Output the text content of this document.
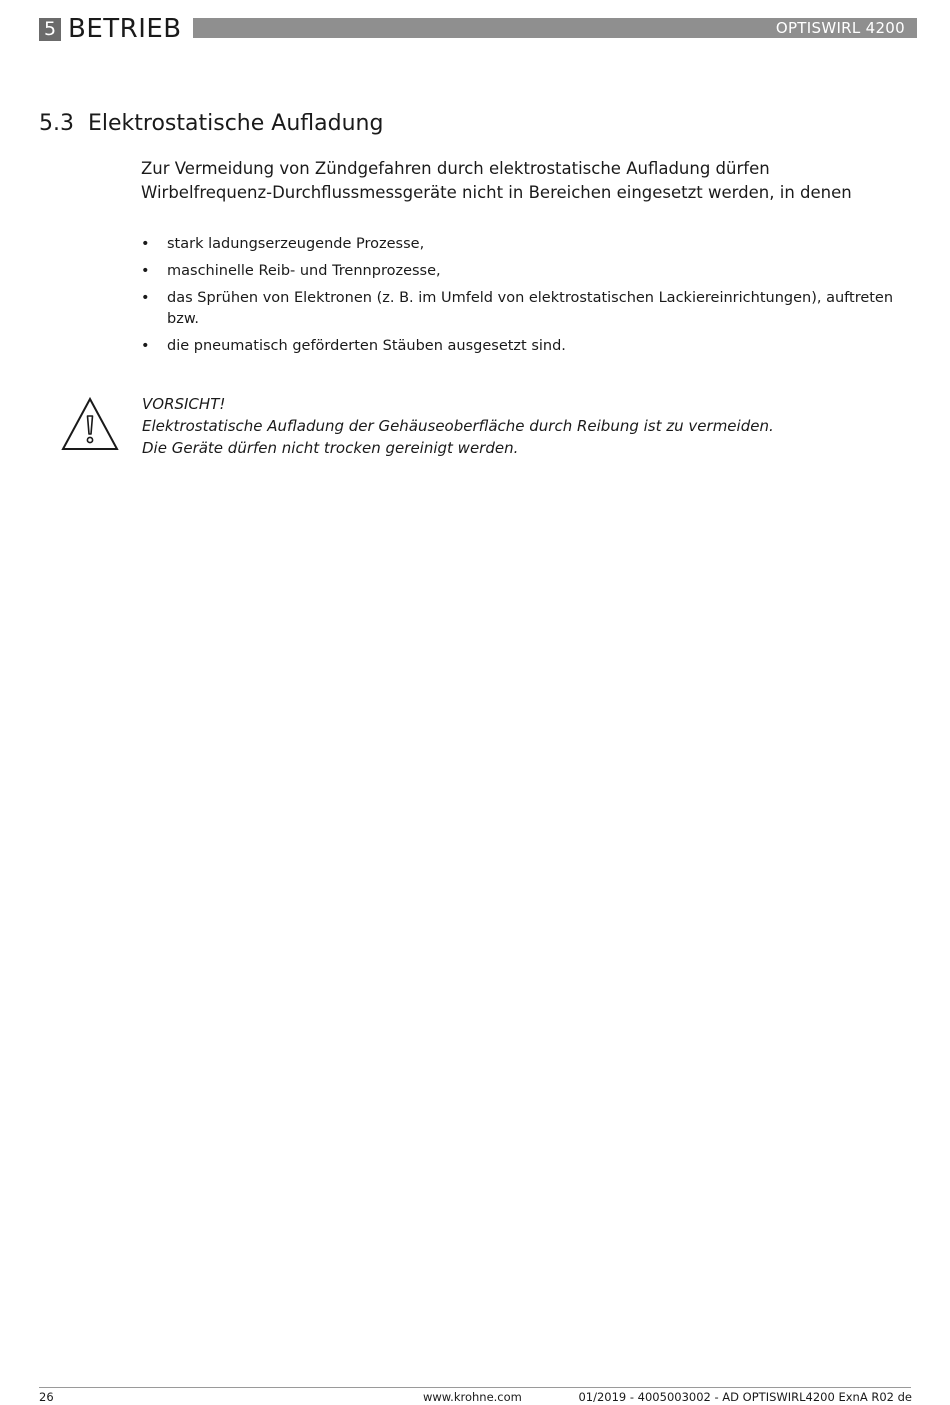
5 BETRIEB	OPTISWIRL 4200
5.3 Elektrostatische Aufladung

Zur Vermeidung von Zündgefahren durch elektrostatische Aufladung dürfen Wirbelfrequenz-Durchflussmessgeräte nicht in Bereichen eingesetzt werden, in denen

• stark ladungserzeugende Prozesse,
• maschinelle Reib- und Trennprozesse,
• das Sprühen von Elektronen (z. B. im Umfeld von elektrostatischen Lackiereinrichtungen), auftreten bzw.
• die pneumatisch geförderten Stäuben ausgesetzt sind.
VORSICHT!
Elektrostatische Aufladung der Gehäuseoberfläche durch Reibung ist zu vermeiden.
Die Geräte dürfen nicht trocken gereinigt werden.
26	www.krohne.com	01/2019 - 4005003002 - AD OPTISWIRL4200 ExnA R02 de
